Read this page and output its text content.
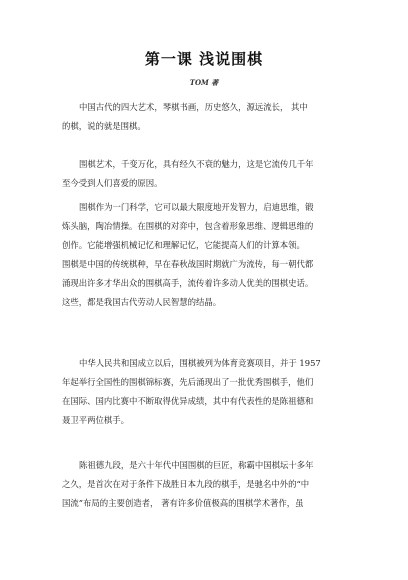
第一课 浅说围棋
TOM 著
中国古代的四大艺术，琴棋书画，历史悠久，源远流长， 其中
的棋，说的就是围棋。
围棋艺术，千变万化，具有经久不衰的魅力，这是它流传几千年
至今受到人们喜爱的原因。
围棋作为一门科学，它可以最大限度地开发智力，启迪思维，锻
炼头脑，陶冶情操。在围棋的对弈中，包含着形象思维、逻辑思维的
创作。它能增强机械记忆和理解记忆，它能提高人们的计算本领。
围棋是中国的传统棋种，早在春秋战国时期就广为流传，每一朝代都
涌现出许多才华出众的围棋高手，流传着许多动人优美的围棋史话。
这些，都是我国古代劳动人民智慧的结晶。
中华人民共和国成立以后，围棋被列为体育竞赛项目，并于 1957
年起举行全国性的围棋锦标赛，先后涌现出了一批优秀围棋手，他们
在国际、国内比赛中不断取得优异成绩，其中有代表性的是陈祖德和
聂卫平两位棋手。
陈祖德九段，是六十年代中国围棋的巨匠，称霸中国棋坛十多年
之久，是首次在对于条件下战胜日本九段的棋手，是驰名中外的“中
国流”布局的主要创造者， 著有许多价值极高的围棋学术著作，虽
